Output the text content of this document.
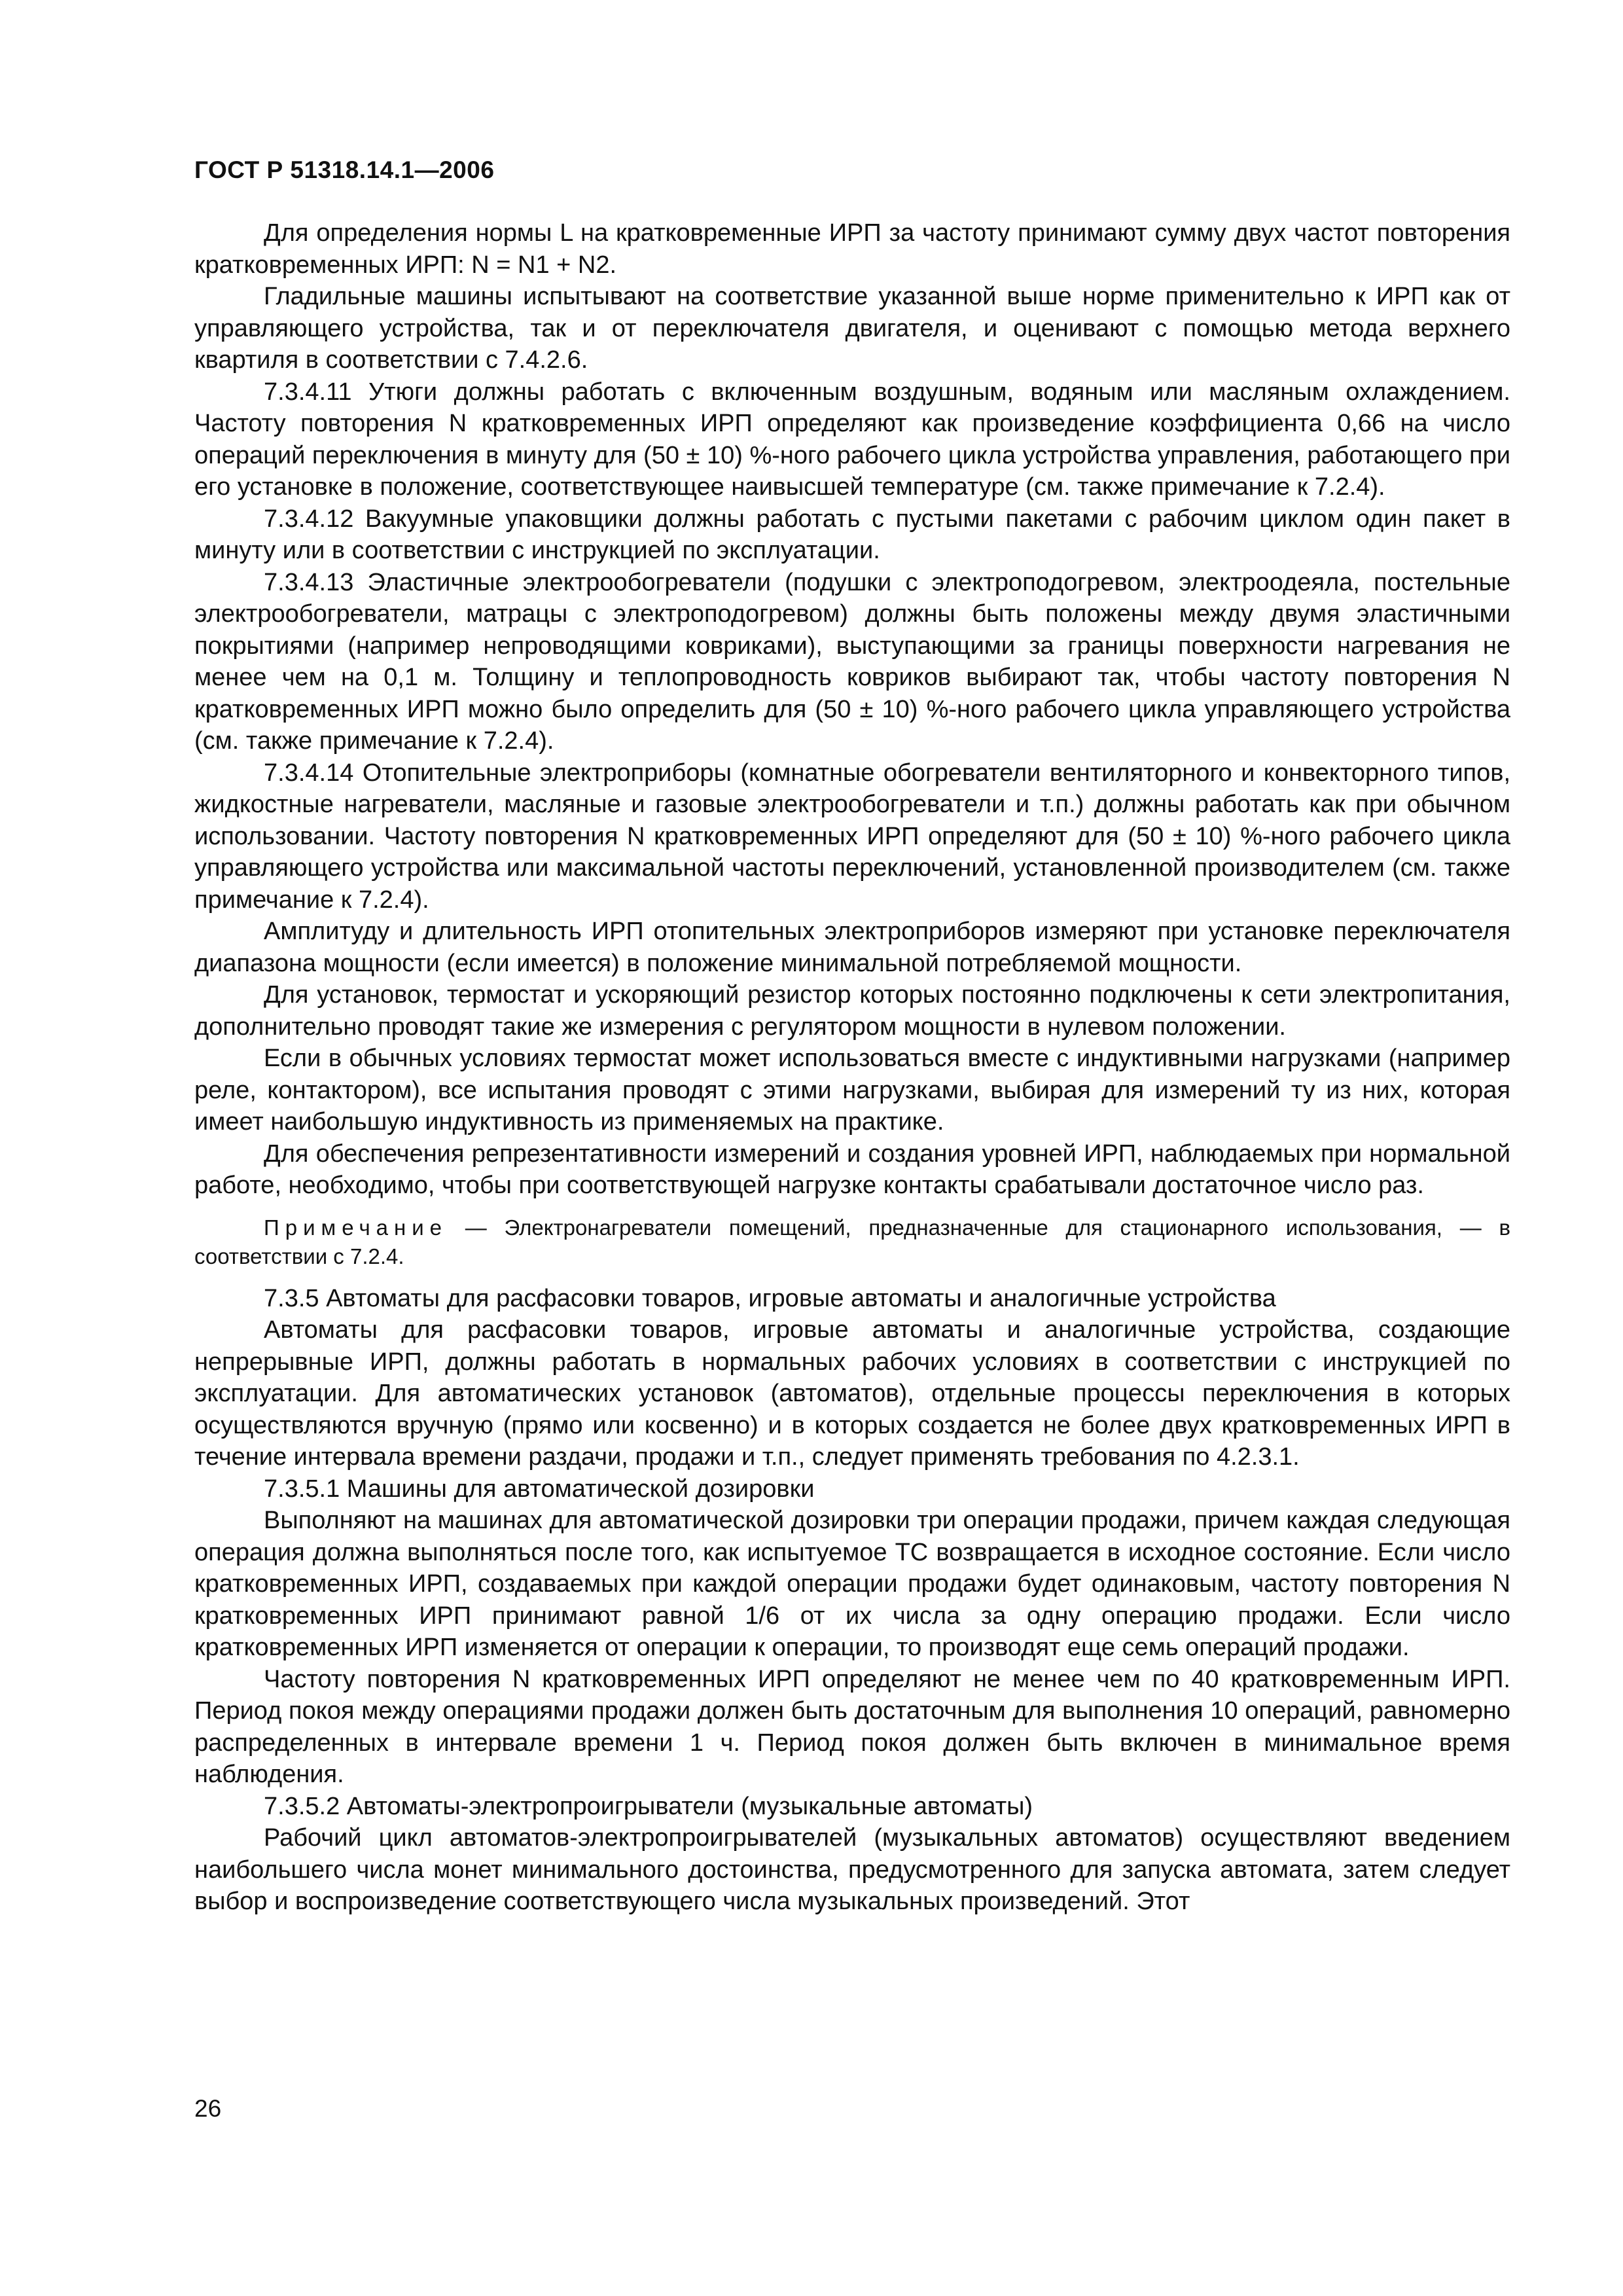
ГОСТ Р 51318.14.1—2006

Для определения нормы L на кратковременные ИРП за частоту принимают сумму двух частот повторения кратковременных ИРП: N = N1 + N2.

Гладильные машины испытывают на соответствие указанной выше норме применительно к ИРП как от управляющего устройства, так и от переключателя двигателя, и оценивают с помощью метода верхнего квартиля в соответствии с 7.4.2.6.

7.3.4.11 Утюги должны работать с включенным воздушным, водяным или масляным охлаждением. Частоту повторения N кратковременных ИРП определяют как произведение коэффициента 0,66 на число операций переключения в минуту для (50 ± 10) %-ного рабочего цикла устройства управления, работающего при его установке в положение, соответствующее наивысшей температуре (см. также примечание к 7.2.4).

7.3.4.12 Вакуумные упаковщики должны работать с пустыми пакетами с рабочим циклом один пакет в минуту или в соответствии с инструкцией по эксплуатации.

7.3.4.13 Эластичные электрообогреватели (подушки с электроподогревом, электроодеяла, постельные электрообогреватели, матрацы с электроподогревом) должны быть положены между двумя эластичными покрытиями (например непроводящими ковриками), выступающими за границы поверхности нагревания не менее чем на 0,1 м. Толщину и теплопроводность ковриков выбирают так, чтобы частоту повторения N кратковременных ИРП можно было определить для (50 ± 10) %-ного рабочего цикла управляющего устройства (см. также примечание к 7.2.4).

7.3.4.14 Отопительные электроприборы (комнатные обогреватели вентиляторного и конвекторного типов, жидкостные нагреватели, масляные и газовые электрообогреватели и т.п.) должны работать как при обычном использовании. Частоту повторения N кратковременных ИРП определяют для (50 ± 10) %-ного рабочего цикла управляющего устройства или максимальной частоты переключений, установленной производителем (см. также примечание к 7.2.4).

Амплитуду и длительность ИРП отопительных электроприборов измеряют при установке переключателя диапазона мощности (если имеется) в положение минимальной потребляемой мощности.

Для установок, термостат и ускоряющий резистор которых постоянно подключены к сети электропитания, дополнительно проводят такие же измерения с регулятором мощности в нулевом положении.

Если в обычных условиях термостат может использоваться вместе с индуктивными нагрузками (например реле, контактором), все испытания проводят с этими нагрузками, выбирая для измерений ту из них, которая имеет наибольшую индуктивность из применяемых на практике.

Для обеспечения репрезентативности измерений и создания уровней ИРП, наблюдаемых при нормальной работе, необходимо, чтобы при соответствующей нагрузке контакты срабатывали достаточное число раз.

Примечание — Электронагреватели помещений, предназначенные для стационарного использования, — в соответствии с 7.2.4.

7.3.5 Автоматы для расфасовки товаров, игровые автоматы и аналогичные устройства

Автоматы для расфасовки товаров, игровые автоматы и аналогичные устройства, создающие непрерывные ИРП, должны работать в нормальных рабочих условиях в соответствии с инструкцией по эксплуатации. Для автоматических установок (автоматов), отдельные процессы переключения в которых осуществляются вручную (прямо или косвенно) и в которых создается не более двух кратковременных ИРП в течение интервала времени раздачи, продажи и т.п., следует применять требования по 4.2.3.1.

7.3.5.1 Машины для автоматической дозировки

Выполняют на машинах для автоматической дозировки три операции продажи, причем каждая следующая операция должна выполняться после того, как испытуемое ТС возвращается в исходное состояние. Если число кратковременных ИРП, создаваемых при каждой операции продажи будет одинаковым, частоту повторения N кратковременных ИРП принимают равной 1/6 от их числа за одну операцию продажи. Если число кратковременных ИРП изменяется от операции к операции, то производят еще семь операций продажи.

Частоту повторения N кратковременных ИРП определяют не менее чем по 40 кратковременным ИРП. Период покоя между операциями продажи должен быть достаточным для выполнения 10 операций, равномерно распределенных в интервале времени 1 ч. Период покоя должен быть включен в минимальное время наблюдения.

7.3.5.2 Автоматы-электропроигрыватели (музыкальные автоматы)

Рабочий цикл автоматов-электропроигрывателей (музыкальных автоматов) осуществляют введением наибольшего числа монет минимального достоинства, предусмотренного для запуска автомата, затем следует выбор и воспроизведение соответствующего числа музыкальных произведений. Этот

26
